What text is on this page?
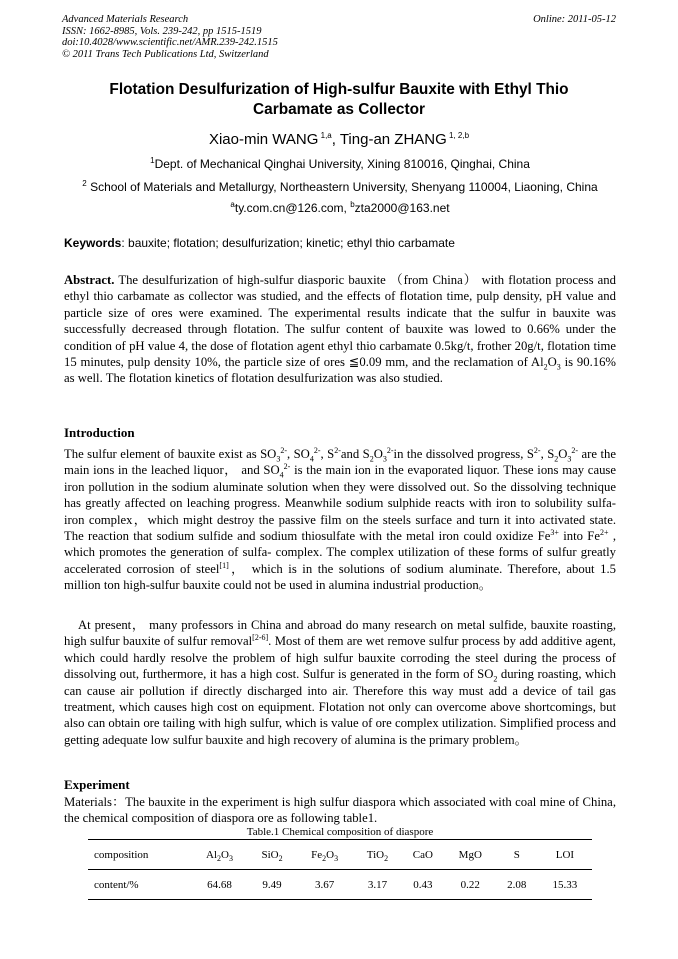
Advanced Materials Research
ISSN: 1662-8985, Vols. 239-242, pp 1515-1519
doi:10.4028/www.scientific.net/AMR.239-242.1515
© 2011 Trans Tech Publications Ltd, Switzerland
Online: 2011-05-12
Flotation Desulfurization of High-sulfur Bauxite with Ethyl Thio
Carbamate as Collector
Xiao-min WANG $^{1,a}$, Ting-an ZHANG $^{1, 2,b}$
$^1$Dept. of Mechanical Qinghai University, Xining 810016, Qinghai, China
$^2$ School of Materials and Metallurgy, Northeastern University, Shenyang 110004, Liaoning, China
$^a$ty.com.cn@126.com, $^b$zta2000@163.net
Keywords: bauxite; flotation; desulfurization; kinetic; ethyl thio carbamate
Abstract. The desulfurization of high-sulfur diasporic bauxite （from China） with flotation process and ethyl thio carbamate as collector was studied, and the effects of flotation time, pulp density, pH value and particle size of ores were examined. The experimental results indicate that the sulfur in bauxite was successfully decreased through flotation. The sulfur content of bauxite was lowed to 0.66% under the condition of pH value 4, the dose of flotation agent ethyl thio carbamate 0.5kg/t, frother 20g/t, flotation time 15 minutes, pulp density 10%, the particle size of ores ≦0.09 mm, and the reclamation of $Al_2O_3$ is 90.16% as well. The flotation kinetics of flotation desulfurization was also studied.
Introduction
The sulfur element of bauxite exist as $SO_3^{2-}$, $SO_4^{2-}$, $S^{2-}and$ $S_2O_3^{2-}in$ the dissolved progress, $S^{2-}$, $S_2O_3^{2-}$ are the main ions in the leached liquor， and $SO_4^{2-}$ is the main ion in the evaporated liquor. These ions may cause iron pollution in the sodium aluminate solution when they were dissolved out. So the dissolving technique has greatly affected on leaching progress. Meanwhile sodium sulphide reacts with iron to solubility sulfa-iron complex，which might destroy the passive film on the steels surface and turn it into activated state. The reaction that sodium sulfide and sodium thiosulfate with the metal iron could oxidize $Fe^{3+}$ into $Fe^{2+}$ , which promotes the generation of sulfa- complex. The complex utilization of these forms of sulfur greatly accelerated corrosion of steel[1]， which is in the solutions of sodium aluminate. Therefore, about 1.5 million ton high-sulfur bauxite could not be used in alumina industrial production。
At present， many professors in China and abroad do many research on metal sulfide, bauxite roasting, high sulfur bauxite of sulfur removal[2-6]. Most of them are wet remove sulfur process by add additive agent, which could hardly resolve the problem of high sulfur bauxite corroding the steel during the process of dissolving out, furthermore, it has a high cost. Sulfur is generated in the form of $SO_2$ during roasting, which can cause air pollution if directly discharged into air. Therefore this way must add a device of tail gas treatment, which causes high cost on equipment. Flotation not only can overcome above shortcomings, but also can obtain ore tailing with high sulfur, which is value of ore complex utilization. Simplified process and getting adequate low sulfur bauxite and high recovery of alumina is the primary problem。
Experiment
Materials：The bauxite in the experiment is high sulfur diaspora which associated with coal mine of China, the chemical composition of diaspora ore as following table1.
Table.1 Chemical composition of diaspore
composition	$Al_2O_3$	SiO$_2$	$Fe_2O_3$	TiO$_2$	CaO	MgO	S	LOI
content/%	64.68	9.49	3.67	3.17	0.43	0.22	2.08	15.33
